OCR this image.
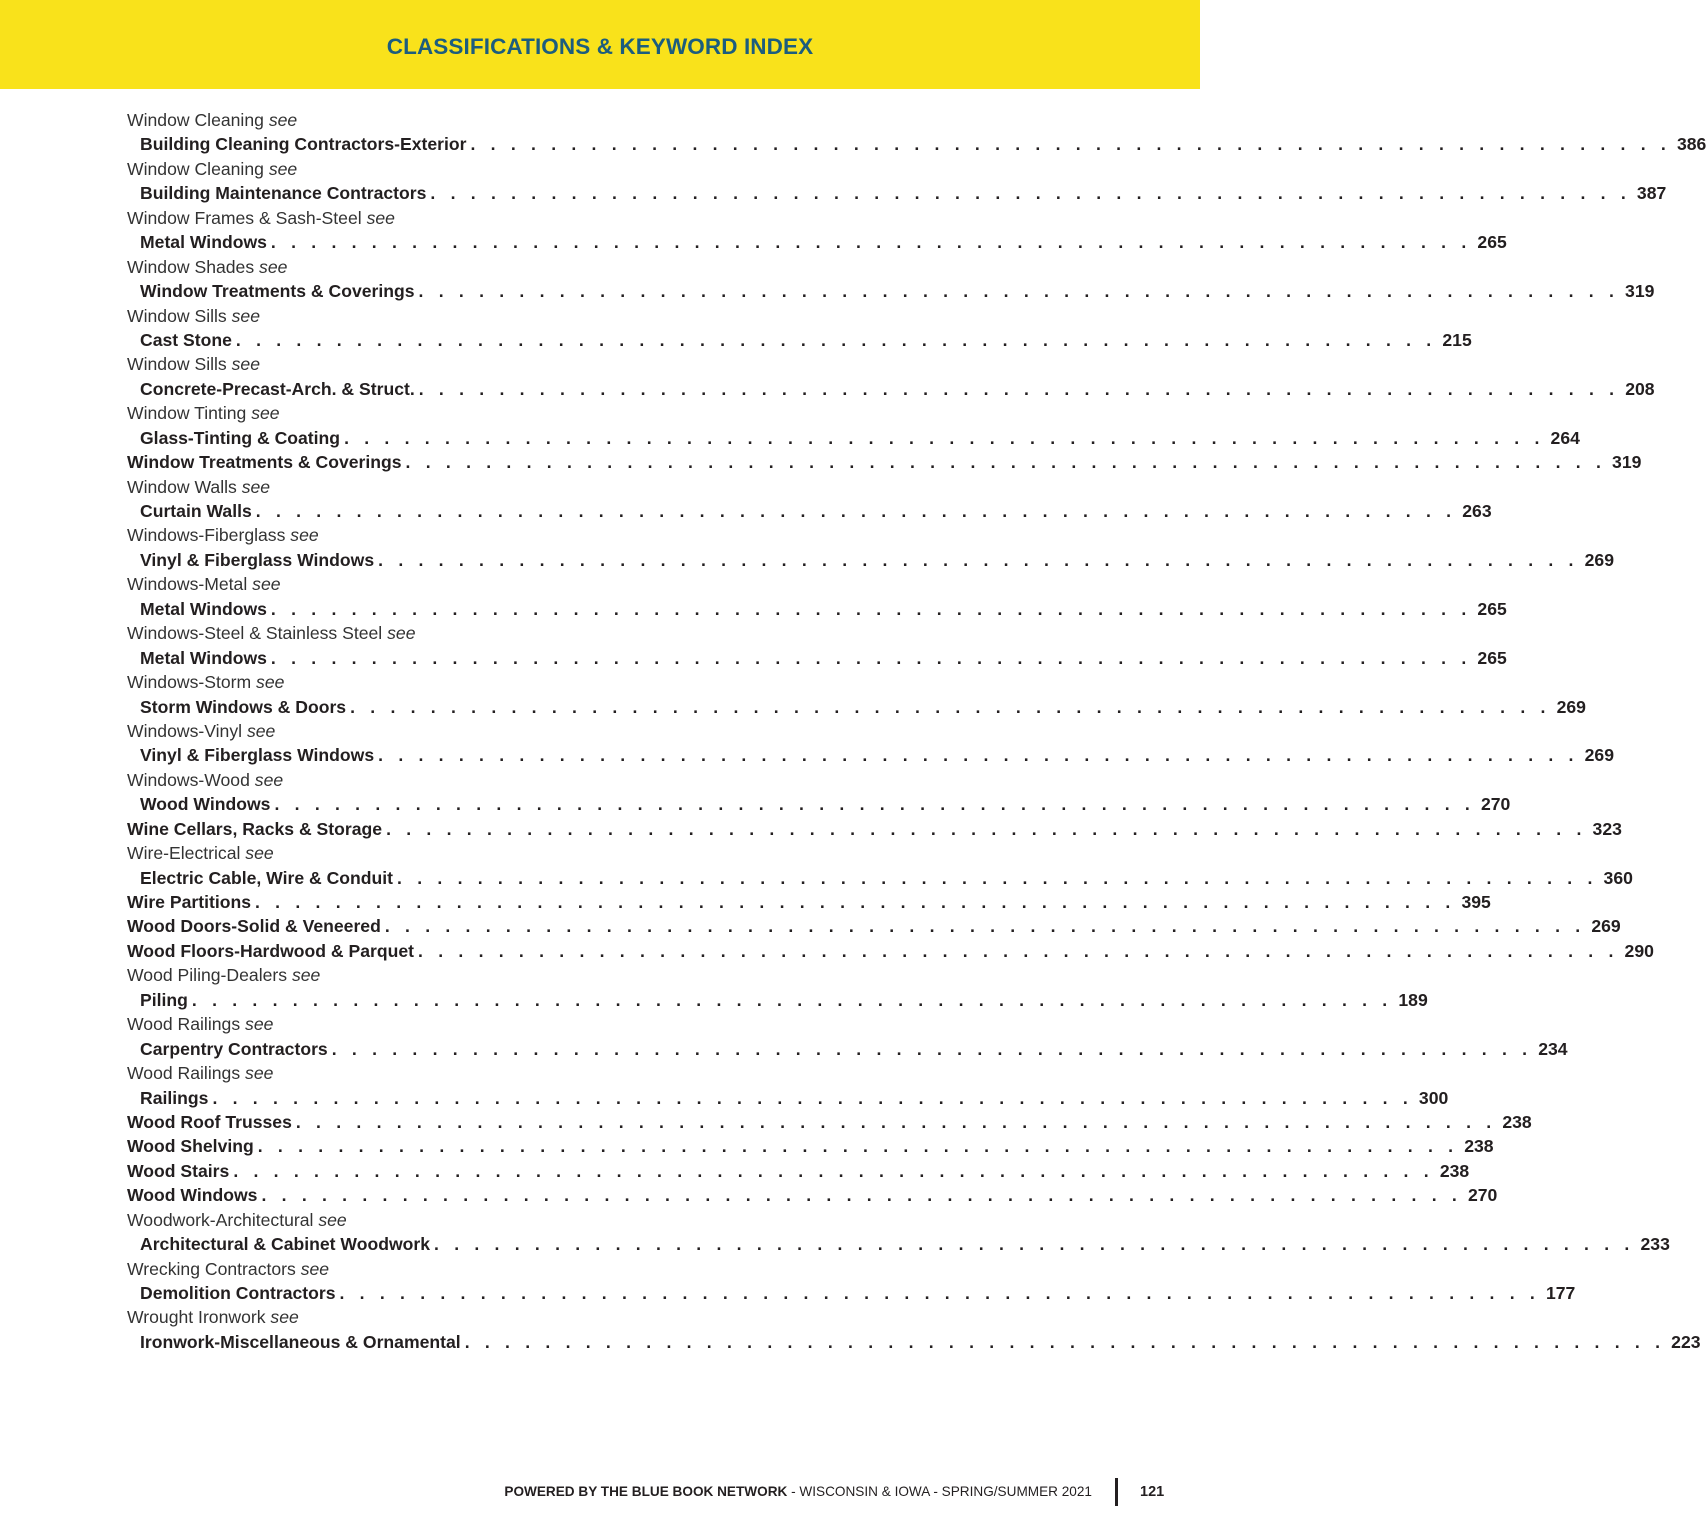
CLASSIFICATIONS & KEYWORD INDEX
Window Cleaning see
Building Cleaning Contractors-Exterior . . . . . . . . . . . . . . . . . . . . . . . . . . . . . . . . . . . . . . . . . . . . . . . . . . . . . . . . . . . . 386
Window Cleaning see
Building Maintenance Contractors . . . . . . . . . . . . . . . . . . . . . . . . . . . . . . . . . . . . . . . . . . . . . . . . . . . . . . . . . . . . 387
Window Frames & Sash-Steel see
Metal Windows . . . . . . . . . . . . . . . . . . . . . . . . . . . . . . . . . . . . . . . . . . . . . . . . . . . . . . . . . . . . 265
Window Shades see
Window Treatments & Coverings . . . . . . . . . . . . . . . . . . . . . . . . . . . . . . . . . . . . . . . . . . . . . . . . . . . . . . . . . . . . 319
Window Sills see
Cast Stone . . . . . . . . . . . . . . . . . . . . . . . . . . . . . . . . . . . . . . . . . . . . . . . . . . . . . . . . . . . . 215
Window Sills see
Concrete-Precast-Arch. & Struct. . . . . . . . . . . . . . . . . . . . . . . . . . . . . . . . . . . . . . . . . . . . . . . . . . . . . . . . . . . . . 208
Window Tinting see
Glass-Tinting & Coating . . . . . . . . . . . . . . . . . . . . . . . . . . . . . . . . . . . . . . . . . . . . . . . . . . . . . . . . . . . . 264
Window Treatments & Coverings . . . . . . . . . . . . . . . . . . . . . . . . . . . . . . . . . . . . . . . . . . . . . . . . . . . . . . . . . . . . 319
Window Walls see
Curtain Walls . . . . . . . . . . . . . . . . . . . . . . . . . . . . . . . . . . . . . . . . . . . . . . . . . . . . . . . . . . . . 263
Windows-Fiberglass see
Vinyl & Fiberglass Windows . . . . . . . . . . . . . . . . . . . . . . . . . . . . . . . . . . . . . . . . . . . . . . . . . . . . . . . . . . . . 269
Windows-Metal see
Metal Windows . . . . . . . . . . . . . . . . . . . . . . . . . . . . . . . . . . . . . . . . . . . . . . . . . . . . . . . . . . . . 265
Windows-Steel & Stainless Steel see
Metal Windows . . . . . . . . . . . . . . . . . . . . . . . . . . . . . . . . . . . . . . . . . . . . . . . . . . . . . . . . . . . . 265
Windows-Storm see
Storm Windows & Doors . . . . . . . . . . . . . . . . . . . . . . . . . . . . . . . . . . . . . . . . . . . . . . . . . . . . . . . . . . . . 269
Windows-Vinyl see
Vinyl & Fiberglass Windows . . . . . . . . . . . . . . . . . . . . . . . . . . . . . . . . . . . . . . . . . . . . . . . . . . . . . . . . . . . . 269
Windows-Wood see
Wood Windows . . . . . . . . . . . . . . . . . . . . . . . . . . . . . . . . . . . . . . . . . . . . . . . . . . . . . . . . . . . . 270
Wine Cellars, Racks & Storage . . . . . . . . . . . . . . . . . . . . . . . . . . . . . . . . . . . . . . . . . . . . . . . . . . . . . . . . . . . . 323
Wire-Electrical see
Electric Cable, Wire & Conduit . . . . . . . . . . . . . . . . . . . . . . . . . . . . . . . . . . . . . . . . . . . . . . . . . . . . . . . . . . . . 360
Wire Partitions . . . . . . . . . . . . . . . . . . . . . . . . . . . . . . . . . . . . . . . . . . . . . . . . . . . . . . . . . . . . 395
Wood Doors-Solid & Veneered . . . . . . . . . . . . . . . . . . . . . . . . . . . . . . . . . . . . . . . . . . . . . . . . . . . . . . . . . . . . 269
Wood Floors-Hardwood & Parquet . . . . . . . . . . . . . . . . . . . . . . . . . . . . . . . . . . . . . . . . . . . . . . . . . . . . . . . . . . . . 290
Wood Piling-Dealers see
Piling . . . . . . . . . . . . . . . . . . . . . . . . . . . . . . . . . . . . . . . . . . . . . . . . . . . . . . . . . . . . 189
Wood Railings see
Carpentry Contractors . . . . . . . . . . . . . . . . . . . . . . . . . . . . . . . . . . . . . . . . . . . . . . . . . . . . . . . . . . . . 234
Wood Railings see
Railings . . . . . . . . . . . . . . . . . . . . . . . . . . . . . . . . . . . . . . . . . . . . . . . . . . . . . . . . . . . . 300
Wood Roof Trusses . . . . . . . . . . . . . . . . . . . . . . . . . . . . . . . . . . . . . . . . . . . . . . . . . . . . . . . . . . . . 238
Wood Shelving . . . . . . . . . . . . . . . . . . . . . . . . . . . . . . . . . . . . . . . . . . . . . . . . . . . . . . . . . . . . 238
Wood Stairs . . . . . . . . . . . . . . . . . . . . . . . . . . . . . . . . . . . . . . . . . . . . . . . . . . . . . . . . . . . . 238
Wood Windows . . . . . . . . . . . . . . . . . . . . . . . . . . . . . . . . . . . . . . . . . . . . . . . . . . . . . . . . . . . . 270
Woodwork-Architectural see
Architectural & Cabinet Woodwork . . . . . . . . . . . . . . . . . . . . . . . . . . . . . . . . . . . . . . . . . . . . . . . . . . . . . . . . . . . . 233
Wrecking Contractors see
Demolition Contractors . . . . . . . . . . . . . . . . . . . . . . . . . . . . . . . . . . . . . . . . . . . . . . . . . . . . . . . . . . . . 177
Wrought Ironwork see
Ironwork-Miscellaneous & Ornamental . . . . . . . . . . . . . . . . . . . . . . . . . . . . . . . . . . . . . . . . . . . . . . . . . . . . . . . . . . . . 223
POWERED BY THE BLUE BOOK NETWORK - WISCONSIN & IOWA - SPRING/SUMMER 2021	121
